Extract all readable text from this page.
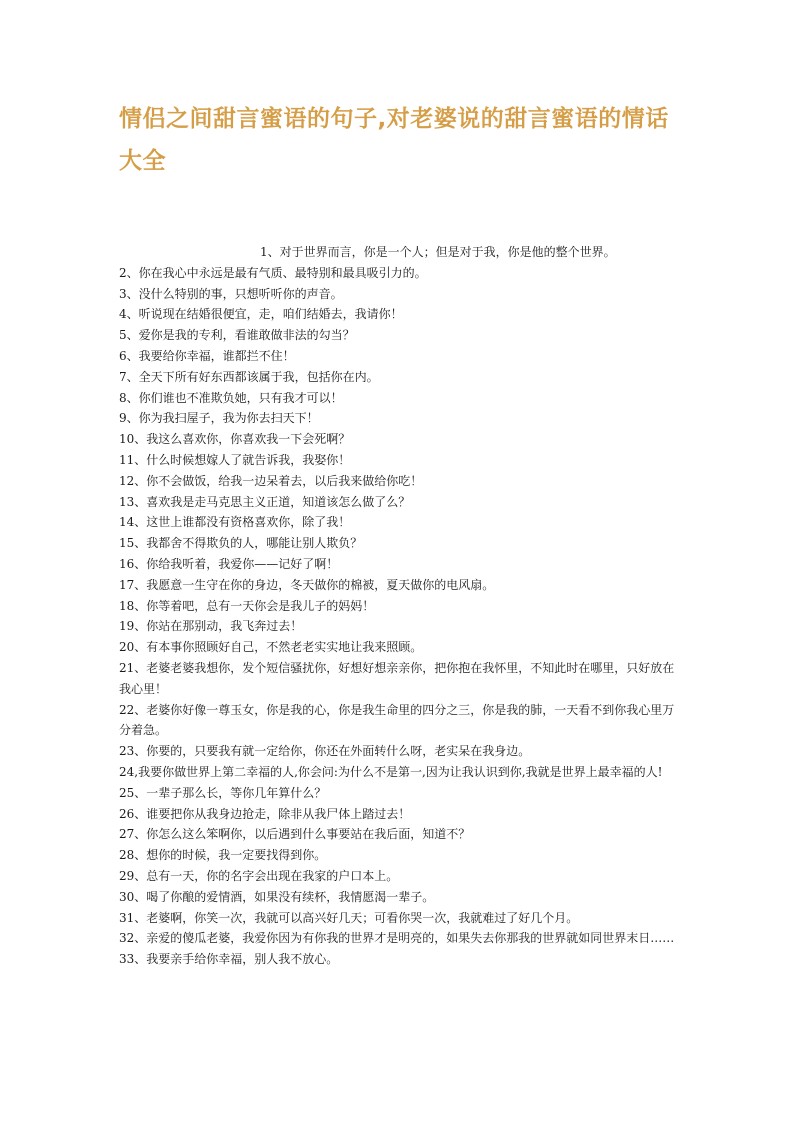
情侣之间甜言蜜语的句子,对老婆说的甜言蜜语的情话大全
1、对于世界而言，你是一个人；但是对于我，你是他的整个世界。
2、你在我心中永远是最有气质、最特别和最具吸引力的。
3、没什么特别的事，只想听听你的声音。
4、听说现在结婚很便宜，走，咱们结婚去，我请你！
5、爱你是我的专利，看谁敢做非法的勾当？
6、我要给你幸福，谁都拦不住！
7、全天下所有好东西都该属于我，包括你在内。
8、你们谁也不准欺负她，只有我才可以！
9、你为我扫屋子，我为你去扫天下！
10、我这么喜欢你，你喜欢我一下会死啊？
11、什么时候想嫁人了就告诉我，我娶你！
12、你不会做饭，给我一边呆着去，以后我来做给你吃！
13、喜欢我是走马克思主义正道，知道该怎么做了么？
14、这世上谁都没有资格喜欢你，除了我！
15、我都舍不得欺负的人，哪能让别人欺负？
16、你给我听着，我爱你——记好了啊！
17、我愿意一生守在你的身边，冬天做你的棉被，夏天做你的电风扇。
18、你等着吧，总有一天你会是我儿子的妈妈！
19、你站在那别动，我飞奔过去！
20、有本事你照顾好自己，不然老老实实地让我来照顾。
21、老婆老婆我想你，发个短信骚扰你，好想好想亲亲你，把你抱在我怀里，不知此时在哪里，只好放在我心里！
22、老婆你好像一尊玉女，你是我的心，你是我生命里的四分之三，你是我的肺，一天看不到你我心里万分着急。
23、你要的，只要我有就一定给你，你还在外面转什么呀，老实呆在我身边。
24,我要你做世界上第二幸福的人,你会问:为什么不是第一,因为让我认识到你,我就是世界上最幸福的人!
25、一辈子那么长，等你几年算什么？
26、谁要把你从我身边抢走，除非从我尸体上踏过去！
27、你怎么这么笨啊你，以后遇到什么事要站在我后面，知道不？
28、想你的时候，我一定要找得到你。
29、总有一天，你的名字会出现在我家的户口本上。
30、喝了你酿的爱情酒，如果没有续杯，我情愿渴一辈子。
31、老婆啊，你笑一次，我就可以高兴好几天；可看你哭一次，我就难过了好几个月。
32、亲爱的傻瓜老婆，我爱你因为有你我的世界才是明亮的，如果失去你那我的世界就如同世界末日……
33、我要亲手给你幸福，别人我不放心。
